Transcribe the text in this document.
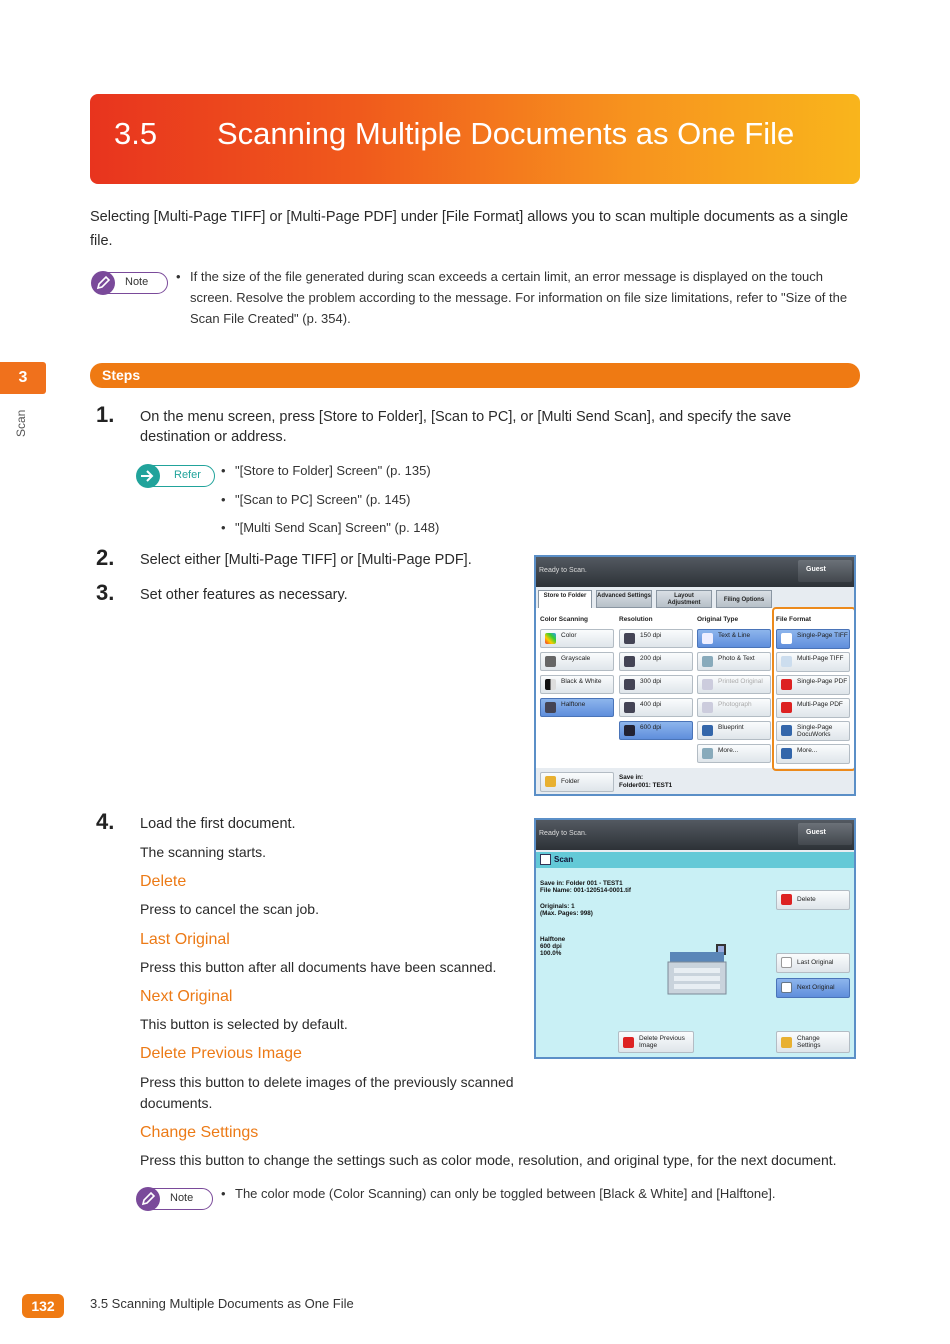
3.5 Scanning Multiple Documents as One File
Selecting [Multi-Page TIFF] or [Multi-Page PDF] under [File Format] allows you to scan multiple documents as a single file.
Note • If the size of the file generated during scan exceeds a certain limit, an error message is displayed on the touch screen. Resolve the problem according to the message. For information on file size limitations, refer to "Size of the Scan File Created" (p. 354).
3
Scan
Steps
1. On the menu screen, press [Store to Folder], [Scan to PC], or [Multi Send Scan], and specify the save destination or address.
Refer • "[Store to Folder] Screen" (p. 135)
• "[Scan to PC] Screen" (p. 145)
• "[Multi Send Scan] Screen" (p. 148)
2. Select either [Multi-Page TIFF] or [Multi-Page PDF].
3. Set other features as necessary.
Ready to Scan.	Guest
Store to Folder	Advanced Settings	Layout Adjustment	Filing Options
Color Scanning	Resolution	Original Type	File Format
Color
Grayscale
Black & White
Halftone
150 dpi
200 dpi
300 dpi
400 dpi
600 dpi
Text & Line
Photo & Text
Printed Original
Photograph
Blueprint
More...
Single-Page TIFF
Multi-Page TIFF
Single-Page PDF
Multi-Page PDF
Single-Page DocuWorks
More...
Folder
Save in:
Folder001: TEST1
4. Load the first document.
The scanning starts.
Delete
Press to cancel the scan job.
Last Original
Press this button after all documents have been scanned.
Next Original
This button is selected by default.
Delete Previous Image
Press this button to delete images of the previously scanned documents.
Change Settings
Press this button to change the settings such as color mode, resolution, and original type, for the next document.
Ready to Scan.	Guest
Scan
Save in: Folder 001 - TEST1
File Name: 001-120514-0001.tif
Originals: 1
(Max. Pages: 998)
Halftone
600 dpi
100.0%
Delete
Last Original
Next Original
Delete Previous Image
Change Settings
Note • The color mode (Color Scanning) can only be toggled between [Black & White] and [Halftone].
132	3.5 Scanning Multiple Documents as One File
